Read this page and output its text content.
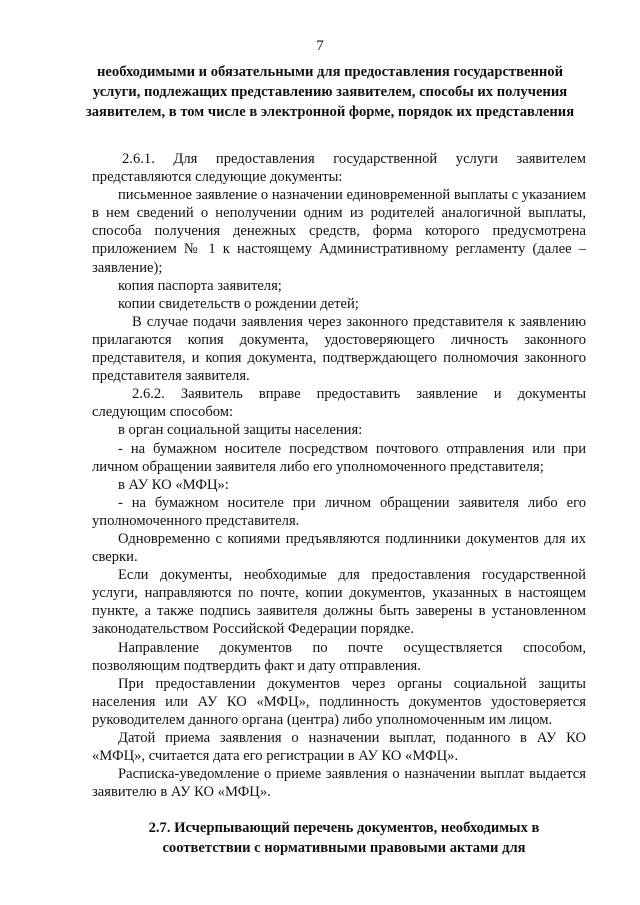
7
необходимыми и обязательными для предоставления государственной услуги, подлежащих представлению заявителем, способы их получения заявителем, в том числе в электронной форме, порядок их представления

2.6.1. Для предоставления государственной услуги заявителем представляются следующие документы:

письменное заявление о назначении единовременной выплаты с указанием в нем сведений о неполучении одним из родителей аналогичной выплаты, способа получения денежных средств, форма которого предусмотрена приложением № 1 к настоящему Административному регламенту (далее – заявление);

копия паспорта заявителя;

копии свидетельств о рождении детей;

В случае подачи заявления через законного представителя к заявлению прилагаются копия документа, удостоверяющего личность законного представителя, и копия документа, подтверждающего полномочия законного представителя заявителя.

2.6.2. Заявитель вправе предоставить заявление и документы следующим способом:

в орган социальной защиты населения:

- на бумажном носителе посредством почтового отправления или при личном обращении заявителя либо его уполномоченного представителя;

в АУ КО «МФЦ»:

- на бумажном носителе при личном обращении заявителя либо его уполномоченного представителя.

Одновременно с копиями предъявляются подлинники документов для их сверки.

Если документы, необходимые для предоставления государственной услуги, направляются по почте, копии документов, указанных в настоящем пункте, а также подпись заявителя должны быть заверены в установленном законодательством Российской Федерации порядке.

Направление документов по почте осуществляется способом, позволяющим подтвердить факт и дату отправления.

При предоставлении документов через органы социальной защиты населения или АУ КО «МФЦ», подлинность документов удостоверяется руководителем данного органа (центра) либо уполномоченным им лицом.

Датой приема заявления о назначении выплат, поданного в АУ КО «МФЦ», считается дата его регистрации в АУ КО «МФЦ».

Расписка-уведомление о приеме заявления о назначении выплат выдается заявителю в АУ КО «МФЦ».

2.7. Исчерпывающий перечень документов, необходимых в соответствии с нормативными правовыми актами для
